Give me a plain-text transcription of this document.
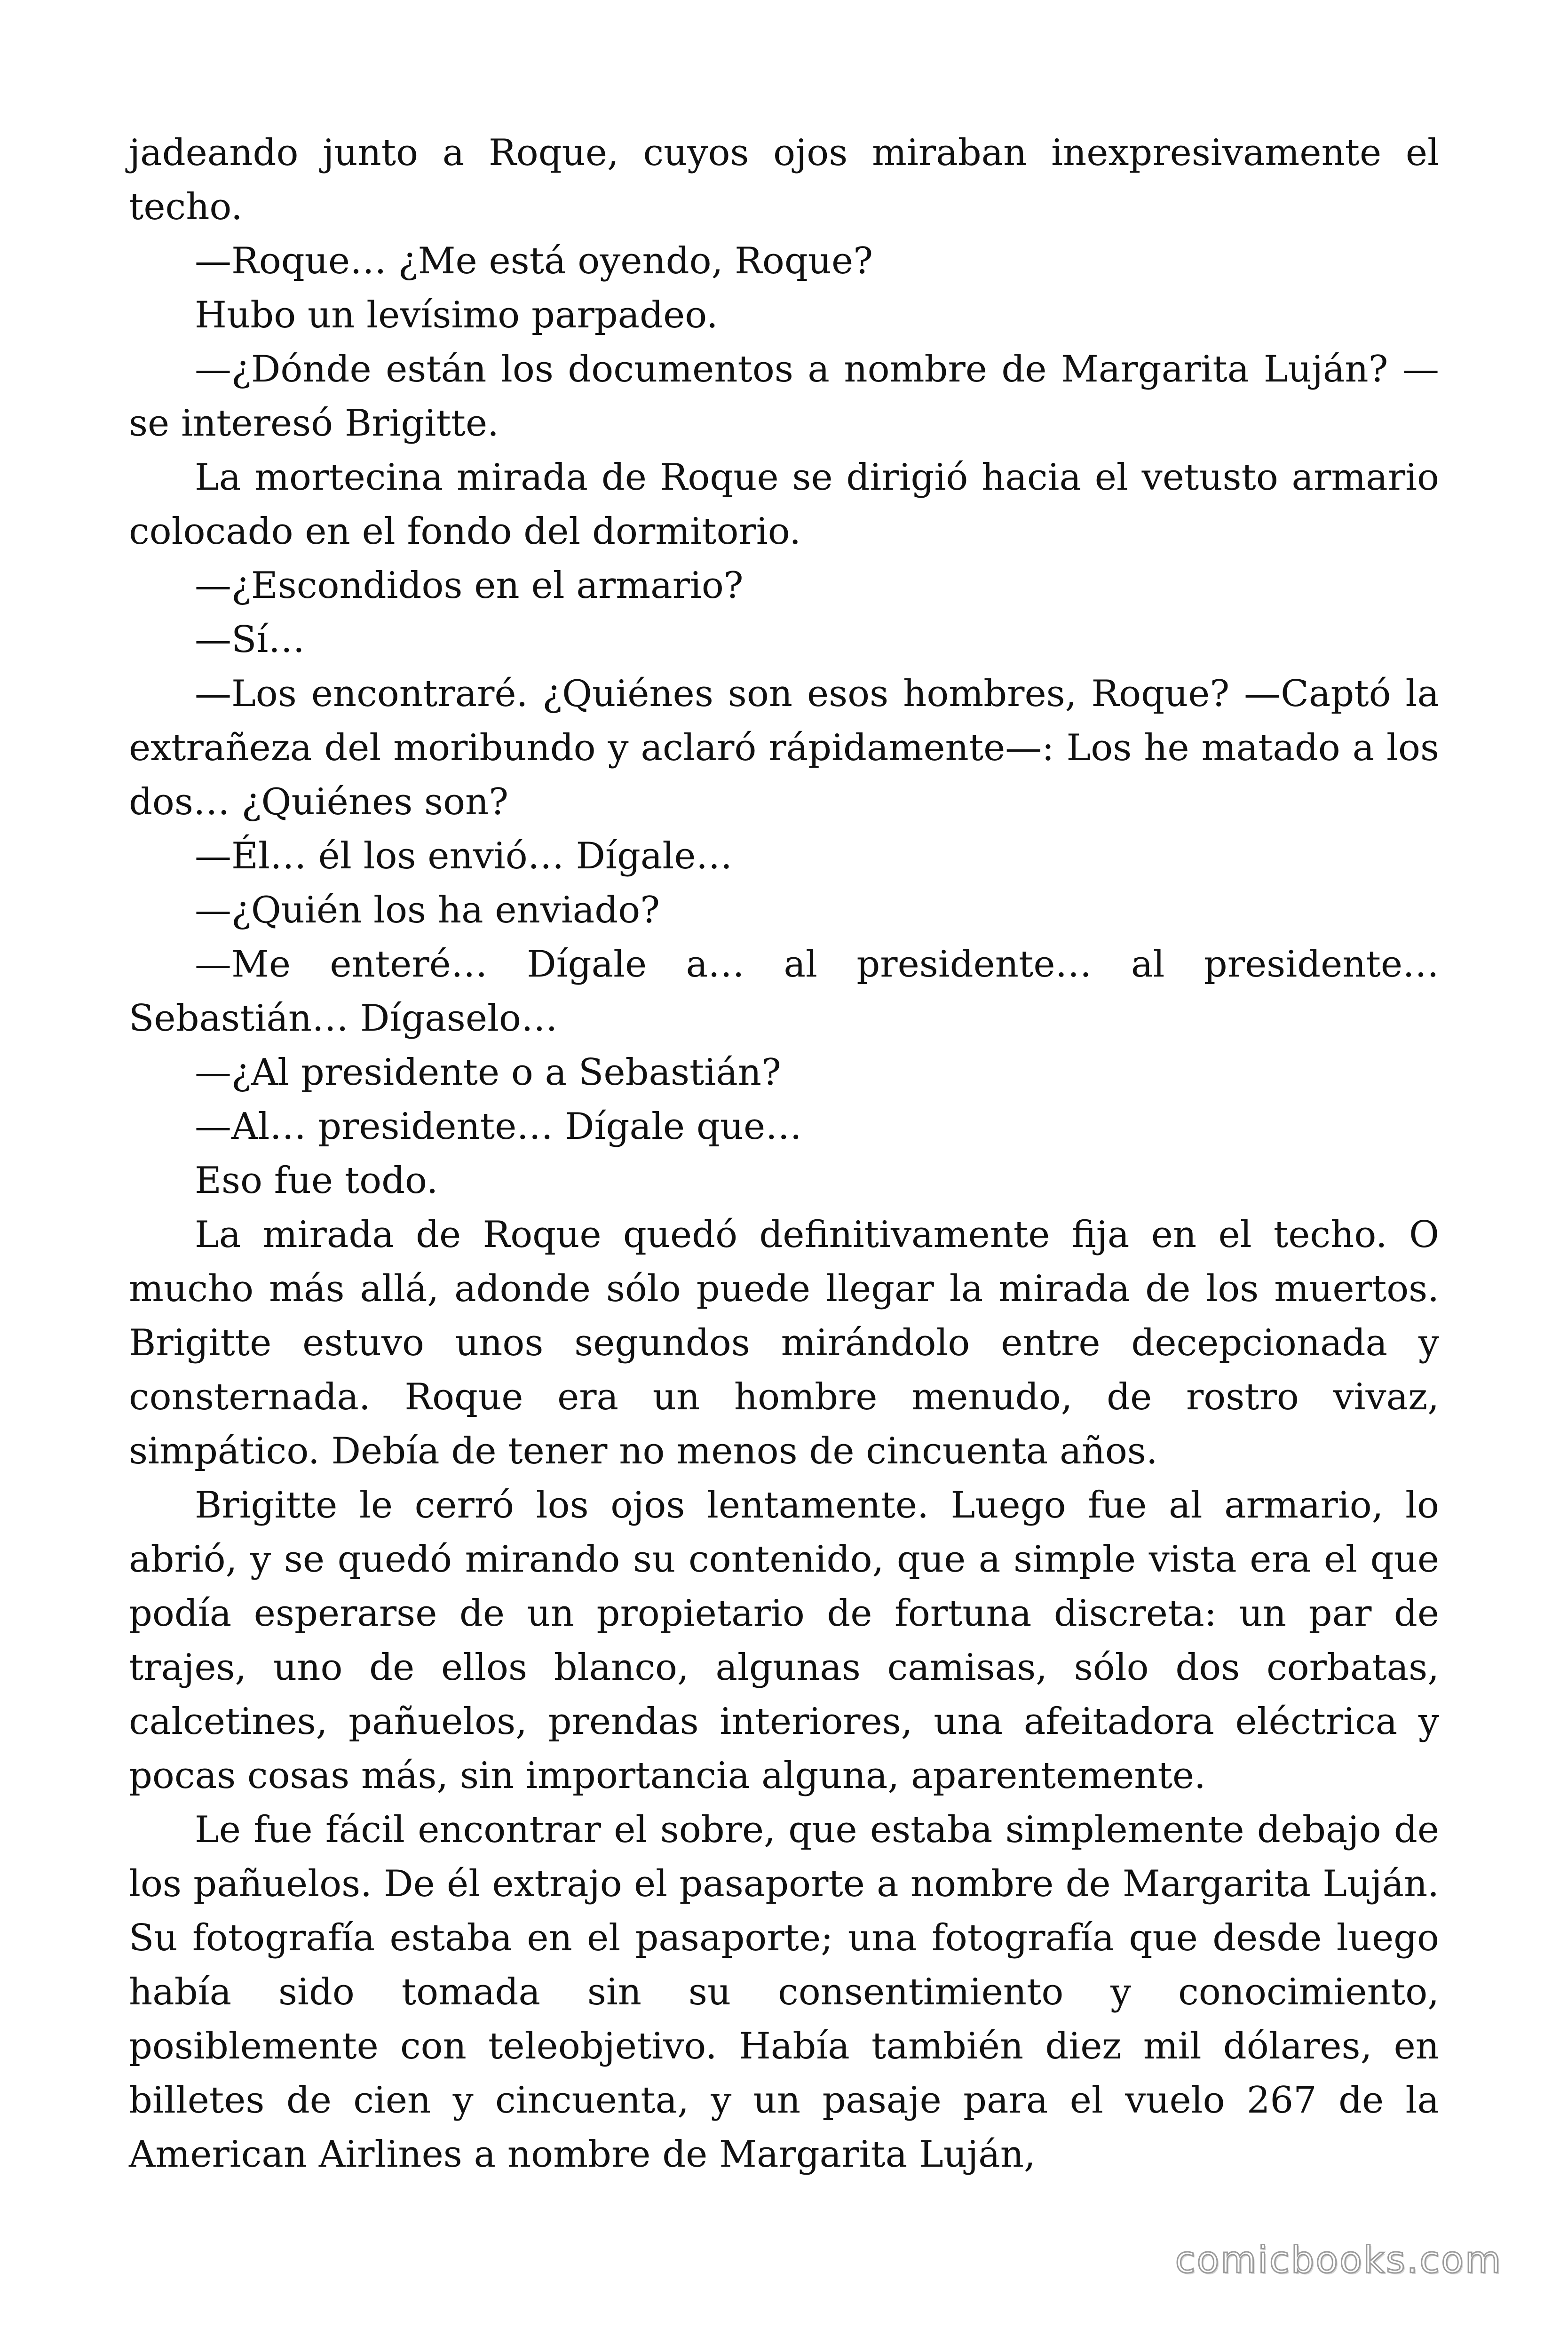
jadeando junto a Roque, cuyos ojos miraban inexpresivamente el techo.

—Roque… ¿Me está oyendo, Roque?

Hubo un levísimo parpadeo.

—¿Dónde están los documentos a nombre de Margarita Luján? —se interesó Brigitte.

La mortecina mirada de Roque se dirigió hacia el vetusto armario colocado en el fondo del dormitorio.

—¿Escondidos en el armario?

—Sí…

—Los encontraré. ¿Quiénes son esos hombres, Roque? —Captó la extrañeza del moribundo y aclaró rápidamente—: Los he matado a los dos… ¿Quiénes son?

—Él… él los envió… Dígale…

—¿Quién los ha enviado?

—Me enteré… Dígale a… al presidente… al presidente… Sebastián… Dígaselo…

—¿Al presidente o a Sebastián?

—Al… presidente… Dígale que…

Eso fue todo.

La mirada de Roque quedó definitivamente fija en el techo. O mucho más allá, adonde sólo puede llegar la mirada de los muertos. Brigitte estuvo unos segundos mirándolo entre decepcionada y consternada. Roque era un hombre menudo, de rostro vivaz, simpático. Debía de tener no menos de cincuenta años.

Brigitte le cerró los ojos lentamente. Luego fue al armario, lo abrió, y se quedó mirando su contenido, que a simple vista era el que podía esperarse de un propietario de fortuna discreta: un par de trajes, uno de ellos blanco, algunas camisas, sólo dos corbatas, calcetines, pañuelos, prendas interiores, una afeitadora eléctrica y pocas cosas más, sin importancia alguna, aparentemente.

Le fue fácil encontrar el sobre, que estaba simplemente debajo de los pañuelos. De él extrajo el pasaporte a nombre de Margarita Luján. Su fotografía estaba en el pasaporte; una fotografía que desde luego había sido tomada sin su consentimiento y conocimiento, posiblemente con teleobjetivo. Había también diez mil dólares, en billetes de cien y cincuenta, y un pasaje para el vuelo 267 de la American Airlines a nombre de Margarita Luján,

comicbooks.com
